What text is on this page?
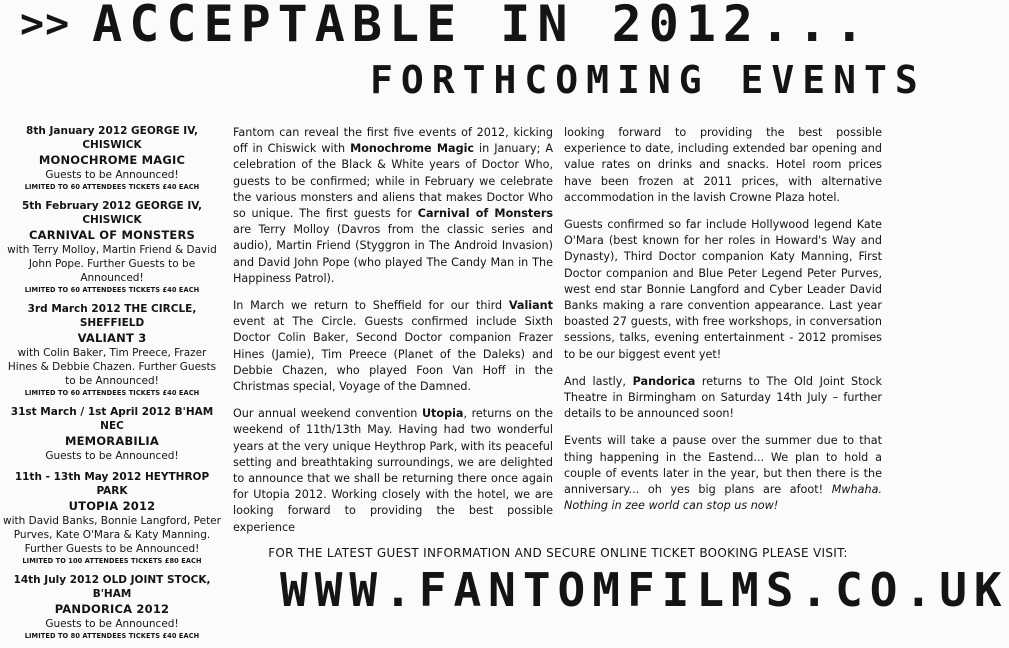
>> ACCEPTABLE IN 2012...
FORTHCOMING EVENTS
8th January 2012 GEORGE IV, CHISWICK
MONOCHROME MAGIC
Guests to be Announced!
LIMITED TO 60 ATTENDEES TICKETS £40 EACH
5th February 2012 GEORGE IV, CHISWICK
CARNIVAL OF MONSTERS
with Terry Molloy, Martin Friend & David John Pope. Further Guests to be Announced!
LIMITED TO 60 ATTENDEES TICKETS £40 EACH
3rd March 2012 THE CIRCLE, SHEFFIELD
VALIANT 3
with Colin Baker, Tim Preece, Frazer Hines & Debbie Chazen. Further Guests to be Announced!
LIMITED TO 60 ATTENDEES TICKETS £40 EACH
31st March / 1st April 2012 B'HAM NEC
MEMORABILIA
Guests to be Announced!
11th - 13th May 2012 HEYTHROP PARK
UTOPIA 2012
with David Banks, Bonnie Langford, Peter Purves, Kate O'Mara & Katy Manning. Further Guests to be Announced!
LIMITED TO 100 ATTENDEES TICKETS £80 EACH
14th July 2012 OLD JOINT STOCK, B'HAM
PANDORICA 2012
Guests to be Announced!
LIMITED TO 80 ATTENDEES TICKETS £40 EACH

Fantom can reveal the first five events of 2012, kicking off in Chiswick with Monochrome Magic in January; A celebration of the Black & White years of Doctor Who, guests to be confirmed; while in February we celebrate the various monsters and aliens that makes Doctor Who so unique. The first guests for Carnival of Monsters are Terry Molloy (Davros from the classic series and audio), Martin Friend (Styggron in The Android Invasion) and David John Pope (who played The Candy Man in The Happiness Patrol).

In March we return to Sheffield for our third Valiant event at The Circle. Guests confirmed include Sixth Doctor Colin Baker, Second Doctor companion Frazer Hines (Jamie), Tim Preece (Planet of the Daleks) and Debbie Chazen, who played Foon Van Hoff in the Christmas special, Voyage of the Damned.

Our annual weekend convention Utopia, returns on the weekend of 11th/13th May. Having had two wonderful years at the very unique Heythrop Park, with its peaceful setting and breathtaking surroundings, we are delighted to announce that we shall be returning there once again for Utopia 2012. Working closely with the hotel, we are looking forward to providing the best possible experience

looking forward to providing the best possible experience to date, including extended bar opening and value rates on drinks and snacks. Hotel room prices have been frozen at 2011 prices, with alternative accommodation in the lavish Crowne Plaza hotel.

Guests confirmed so far include Hollywood legend Kate O'Mara (best known for her roles in Howard's Way and Dynasty), Third Doctor companion Katy Manning, First Doctor companion and Blue Peter Legend Peter Purves, west end star Bonnie Langford and Cyber Leader David Banks making a rare convention appearance. Last year boasted 27 guests, with free workshops, in conversation sessions, talks, evening entertainment - 2012 promises to be our biggest event yet!

And lastly, Pandorica returns to The Old Joint Stock Theatre in Birmingham on Saturday 14th July – further details to be announced soon!

Events will take a pause over the summer due to that thing happening in the Eastend... We plan to hold a couple of events later in the year, but then there is the anniversary... oh yes big plans are afoot! Mwhaha. Nothing in zee world can stop us now!

FOR THE LATEST GUEST INFORMATION AND SECURE ONLINE TICKET BOOKING PLEASE VISIT:
WWW.FANTOMFILMS.CO.UK
